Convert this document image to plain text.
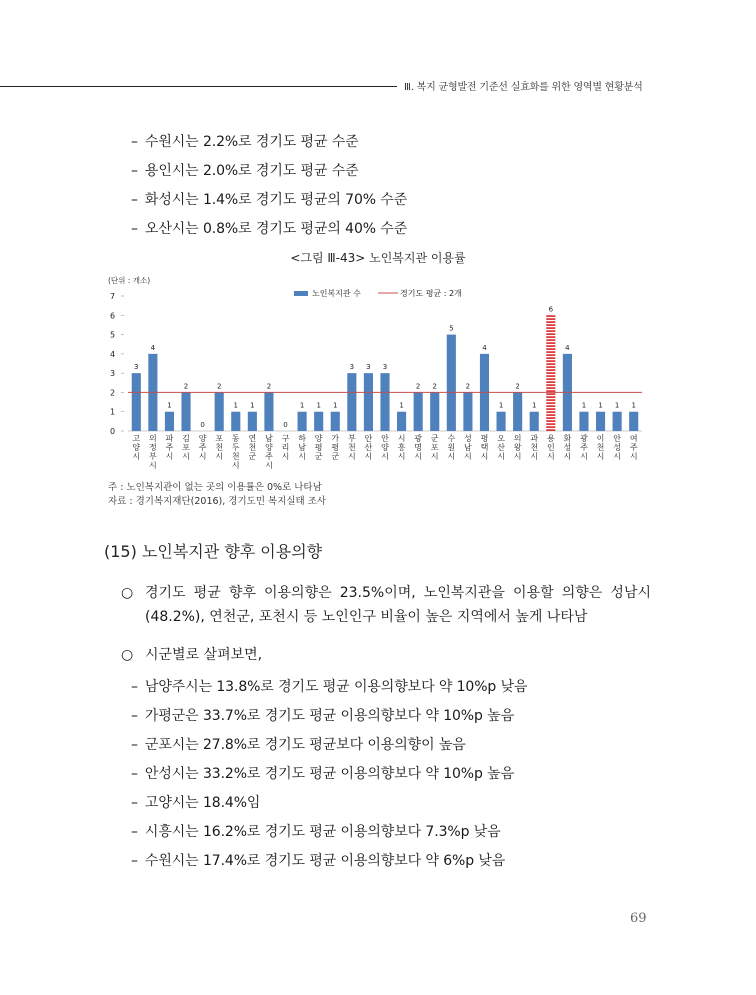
Ⅲ. 복지 균형발전 기준선 실효화를 위한 영역별 현황분석
– 수원시는 2.2%로 경기도 평균 수준
– 용인시는 2.0%로 경기도 평균 수준
– 화성시는 1.4%로 경기도 평균의 70% 수준
– 오산시는 0.8%로 경기도 평균의 40% 수준
<그림 Ⅲ-43> 노인복지관 이용률
(단위 : 개소)
0
1
2
3
4
5
6
7	노인복지관 수	경기도 평균 : 2개
3
고 양 시
4
의 정 부 시
1
파 주 시
2
김 포 시
0
양 주 시
2
포 천 시
1
동 두 천 시
1
연 천 군
2
남 양 주 시
0
구 리 시
1
하 남 시
1
양 평 군
1
가 평 군
3
부 천 시
3
안 산 시
3
안 양 시
1
시 흥 시
2
광 명 시
2
군 포 시
5
수 원 시
2
성 남 시
4
평 택 시
1
오 산 시
2
의 왕 시
1
과 천 시
6
용 인 시
4
화 성 시
1
광 주 시
1
이 천 시
1
안 성 시
1
여 주 시
주 : 노인복지관이 없는 곳의 이용률은 0%로 나타남
자료 : 경기복지재단(2016), 경기도민 복지실태 조사
(15) 노인복지관 향후 이용의향
○ 경기도 평균 향후 이용의향은 23.5%이며, 노인복지관을 이용할 의향은 성남시(48.2%), 연천군, 포천시 등 노인인구 비율이 높은 지역에서 높게 나타남
○ 시군별로 살펴보면,
– 남양주시는 13.8%로 경기도 평균 이용의향보다 약 10%p 낮음
– 가평군은 33.7%로 경기도 평균 이용의향보다 약 10%p 높음
– 군포시는 27.8%로 경기도 평균보다 이용의향이 높음
– 안성시는 33.2%로 경기도 평균 이용의향보다 약 10%p 높음
– 고양시는 18.4%임
– 시흥시는 16.2%로 경기도 평균 이용의향보다 7.3%p 낮음
– 수원시는 17.4%로 경기도 평균 이용의향보다 약 6%p 낮음
69
